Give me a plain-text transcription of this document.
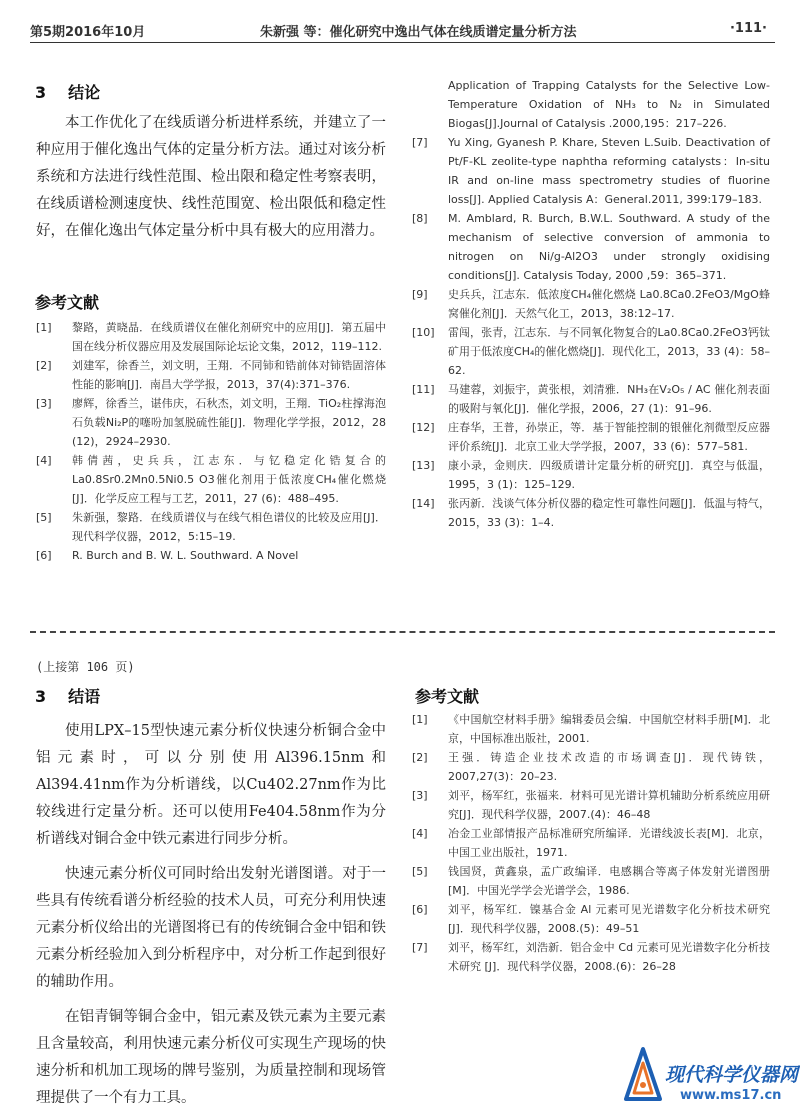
第5期2016年10月	朱新强 等：催化研究中逸出气体在线质谱定量分析方法	·111·
3 结论

本工作优化了在线质谱分析进样系统，并建立了一种应用于催化逸出气体的定量分析方法。通过对该分析系统和方法进行线性范围、检出限和稳定性考察表明，在线质谱检测速度快、线性范围宽、检出限低和稳定性好，在催化逸出气体定量分析中具有极大的应用潜力。

参考文献
[1] 黎路，黄晓晶．在线质谱仪在催化剂研究中的应用[J]．第五届中国在线分析仪器应用及发展国际论坛论文集，2012，119–112.
[2] 刘建军，徐香兰，刘文明，王翔．不同铈和锆前体对铈锆固溶体性能的影响[J]．南昌大学学报，2013，37(4):371–376.
[3] 廖辉，徐香兰，谌伟庆，石秋杰，刘文明，王翔．TiO₂柱撑海泡石负载Ni₂P的噻吩加氢脱硫性能[J]．物理化学学报，2012，28 (12)，2924–2930.
[4] 韩倩茜，史兵兵，江志东．与钇稳定化锆复合的La0.8Sr0.2Mn0.5Ni0.5 O3催化剂用于低浓度CH₄催化燃烧[J]．化学反应工程与工艺，2011，27 (6)：488–495.
[5] 朱新强，黎路．在线质谱仪与在线气相色谱仪的比较及应用[J]．现代科学仪器，2012，5:15–19.
[6] R. Burch and B. W. L. Southward. A Novel
Application of Trapping Catalysts for the Selective Low-Temperature Oxidation of NH₃ to N₂ in Simulated Biogas[J].Journal of Catalysis .2000,195：217–226.
[7] Yu Xing, Gyanesh P. Khare, Steven L.Suib. Deactivation of Pt/F-KL zeolite-type naphtha reforming catalysts：In-situ IR and on-line mass spectrometry studies of fluorine loss[J]. Applied Catalysis A：General.2011, 399:179–183.
[8] M. Amblard, R. Burch, B.W.L. Southward. A study of the mechanism of selective conversion of ammonia to nitrogen on Ni/g-Al2O3 under strongly oxidising conditions[J]. Catalysis Today, 2000 ,59：365–371.
[9] 史兵兵，江志东．低浓度CH₄催化燃烧 La0.8Ca0.2FeO3/MgO蜂窝催化剂[J]．天然气化工，2013，38:12–17.
[10] 雷闯，张青，江志东．与不同氧化物复合的La0.8Ca0.2FeO3钙钛矿用于低浓度CH₄的催化燃烧[J]．现代化工，2013，33 (4)：58–62.
[11] 马建蓉，刘振宇，黄张根，刘清雅．NH₃在V₂O₅ / AC 催化剂表面的吸附与氧化[J]．催化学报，2006，27 (1)：91–96.
[12] 庄春华，王普，孙崇正，等．基于智能控制的银催化剂微型反应器评价系统[J]．北京工业大学学报，2007，33 (6)：577–581.
[13] 康小录，金则庆．四级质谱计定量分析的研究[J]．真空与低温，1995，3 (1)：125–129.
[14] 张丙新．浅谈气体分析仪器的稳定性可靠性问题[J]．低温与特气，2015，33 (3)：1–4.
(上接第 106 页)
3 结语

使用LPX–15型快速元素分析仪快速分析铜合金中铝元素时，可以分别使用Al396.15nm和Al394.41nm作为分析谱线，以Cu402.27nm作为比较线进行定量分析。还可以使用Fe404.58nm作为分析谱线对铜合金中铁元素进行同步分析。

快速元素分析仪可同时给出发射光谱图谱。对于一些具有传统看谱分析经验的技术人员，可充分利用快速元素分析仪给出的光谱图将已有的传统铜合金中铝和铁元素分析经验加入到分析程序中，对分析工作起到很好的辅助作用。

在铝青铜等铜合金中，铝元素及铁元素为主要元素且含量较高，利用快速元素分析仪可实现生产现场的快速分析和机加工现场的牌号鉴别，为质量控制和现场管理提供了一个有力工具。

参考文献
[1] 《中国航空材料手册》编辑委员会编．中国航空材料手册[M]．北京，中国标准出版社，2001.
[2] 王强．铸造企业技术改造的市场调查[J]．现代铸铁，2007,27(3)：20–23.
[3] 刘平，杨军红，张福来．材料可见光谱计算机辅助分析系统应用研究[J]．现代科学仪器，2007.(4)：46–48
[4] 冶金工业部情报产品标准研究所编译．光谱线波长表[M]．北京，中国工业出版社，1971.
[5] 钱国贤，黄鑫泉，孟广政编译．电感耦合等离子体发射光谱图册[M]．中国光学学会光谱学会，1986.
[6] 刘平，杨军红．镍基合金 Al 元素可见光谱数字化分析技术研究[J]．现代科学仪器，2008.(5)：49–51
[7] 刘平，杨军红，刘浩新．铝合金中 Cd 元素可见光谱数字化分析技术研究 [J]．现代科学仪器，2008.(6)：26–28
现代科学仪器网
www.ms17.cn
